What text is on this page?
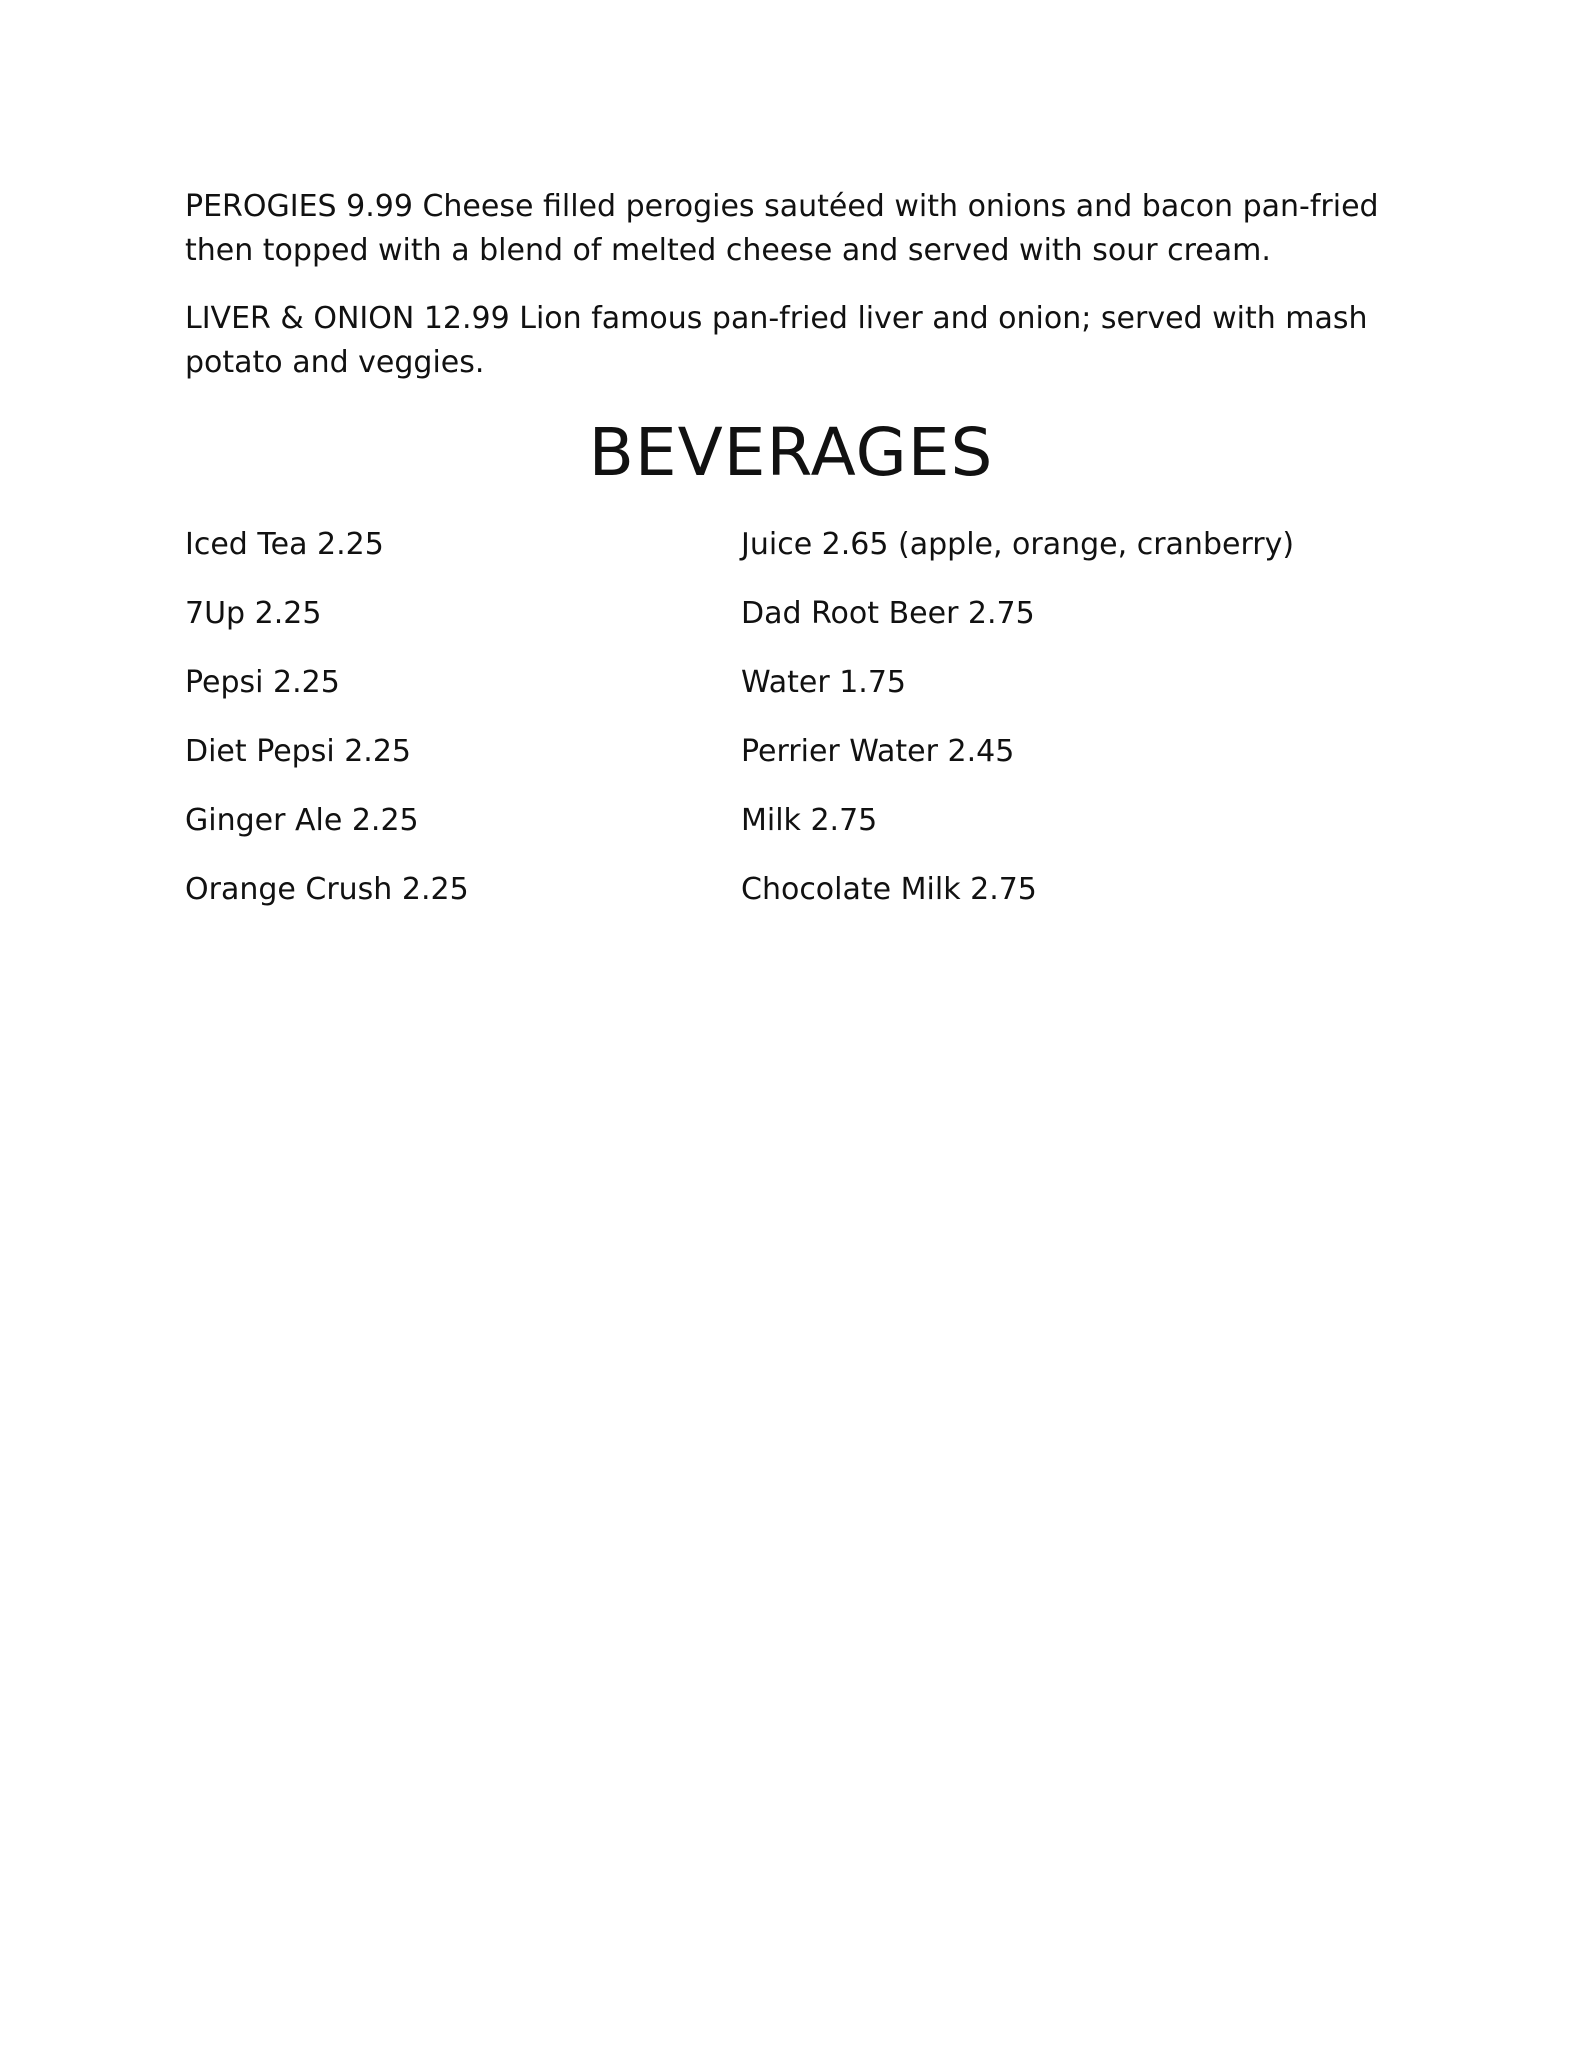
PEROGIES 9.99 Cheese filled perogies sautéed with onions and bacon pan-fried then topped with a blend of melted cheese and served with sour cream.

LIVER & ONION 12.99 Lion famous pan-fried liver and onion; served with mash potato and veggies.

BEVERAGES
Iced Tea 2.25
7Up 2.25
Pepsi 2.25
Diet Pepsi 2.25
Ginger Ale 2.25
Orange Crush 2.25
Juice 2.65 (apple, orange, cranberry)
Dad Root Beer 2.75
Water 1.75
Perrier Water 2.45
Milk 2.75
Chocolate Milk 2.75
